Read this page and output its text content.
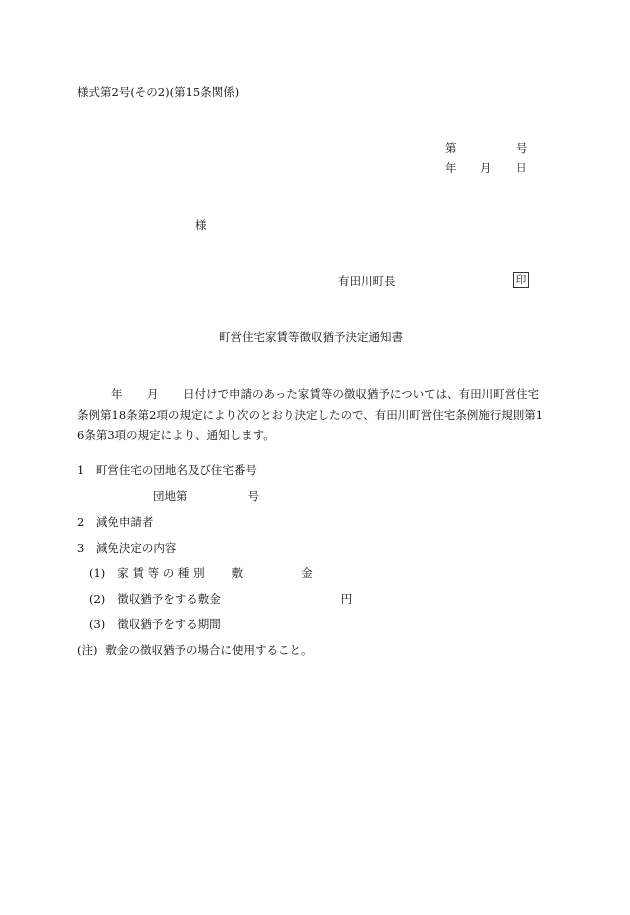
様式第2号(その2)(第15条関係)
第	号
年 月 日
様
有田川町長	印
町営住宅家賃等徴収猶予決定通知書
年 月 日付けで申請のあった家賃等の徴収猶予については、有田川町営住宅
条例第18条第2項の規定により次のとおり決定したので、有田川町営住宅条例施行規則第1
6条第3項の規定により、通知します。
1　町営住宅の団地名及び住宅番号
団地第	号
2　減免申請者
3　減免決定の内容
(1) 家 賃 等 の 種 別 敷	金
(2) 徴収猶予をする敷金	円
(3) 徴収猶予をする期間
(注) 敷金の徴収猶予の場合に使用すること。
